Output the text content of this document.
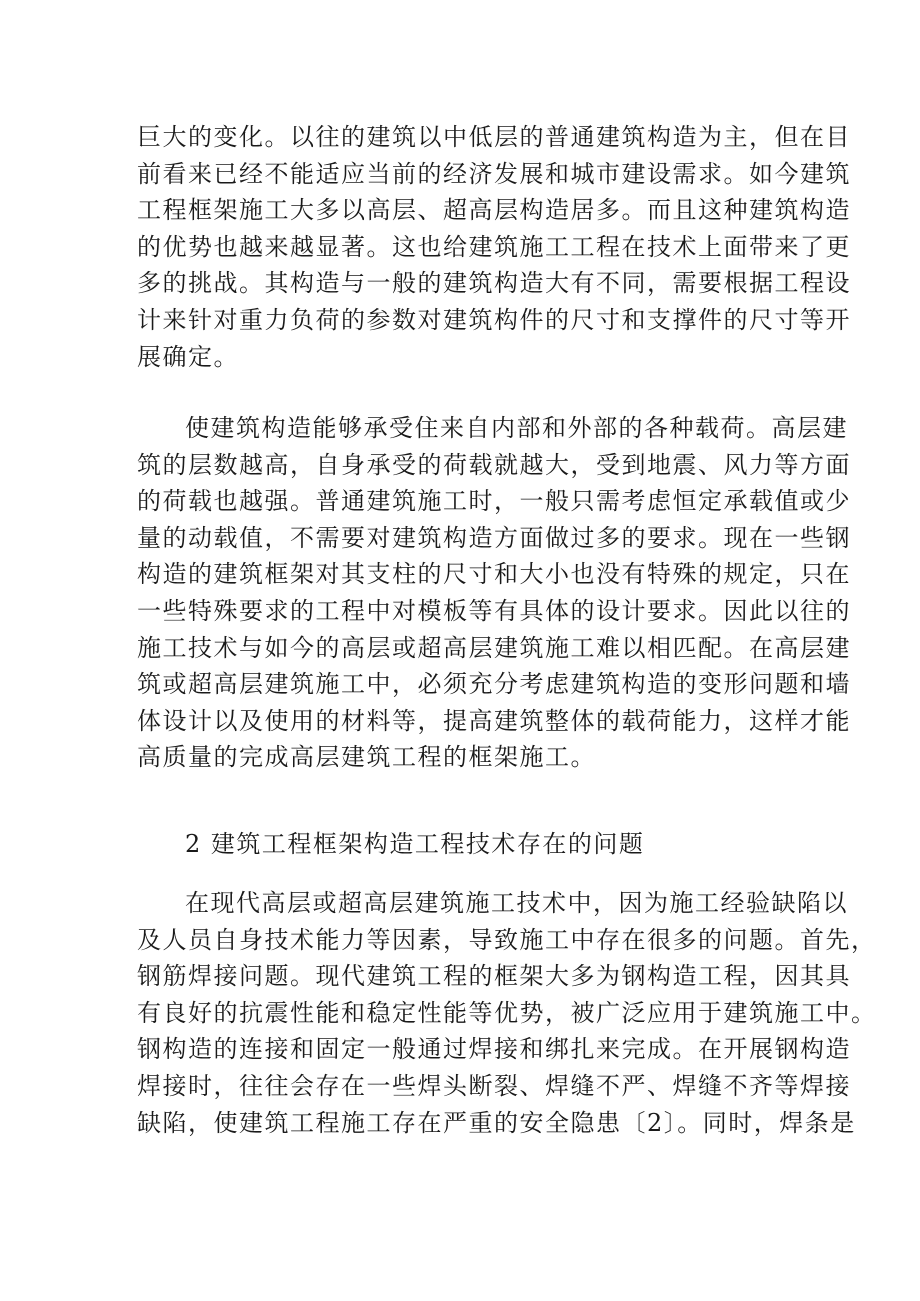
巨大的变化。以往的建筑以中低层的普通建筑构造为主，但在目
前看来已经不能适应当前的经济发展和城市建设需求。如今建筑
工程框架施工大多以高层、超高层构造居多。而且这种建筑构造
的优势也越来越显著。这也给建筑施工工程在技术上面带来了更
多的挑战。其构造与一般的建筑构造大有不同，需要根据工程设
计来针对重力负荷的参数对建筑构件的尺寸和支撑件的尺寸等开
展确定。
使建筑构造能够承受住来自内部和外部的各种载荷。高层建
筑的层数越高，自身承受的荷载就越大，受到地震、风力等方面
的荷载也越强。普通建筑施工时，一般只需考虑恒定承载值或少
量的动载值，不需要对建筑构造方面做过多的要求。现在一些钢
构造的建筑框架对其支柱的尺寸和大小也没有特殊的规定，只在
一些特殊要求的工程中对模板等有具体的设计要求。因此以往的
施工技术与如今的高层或超高层建筑施工难以相匹配。在高层建
筑或超高层建筑施工中，必须充分考虑建筑构造的变形问题和墙
体设计以及使用的材料等，提高建筑整体的载荷能力，这样才能
高质量的完成高层建筑工程的框架施工。
2 建筑工程框架构造工程技术存在的问题
在现代高层或超高层建筑施工技术中，因为施工经验缺陷以
及人员自身技术能力等因素，导致施工中存在很多的问题。首先，
钢筋焊接问题。现代建筑工程的框架大多为钢构造工程，因其具
有良好的抗震性能和稳定性能等优势，被广泛应用于建筑施工中。
钢构造的连接和固定一般通过焊接和绑扎来完成。在开展钢构造
焊接时，往往会存在一些焊头断裂、焊缝不严、焊缝不齐等焊接
缺陷，使建筑工程施工存在严重的安全隐患〔2〕。同时，焊条是
